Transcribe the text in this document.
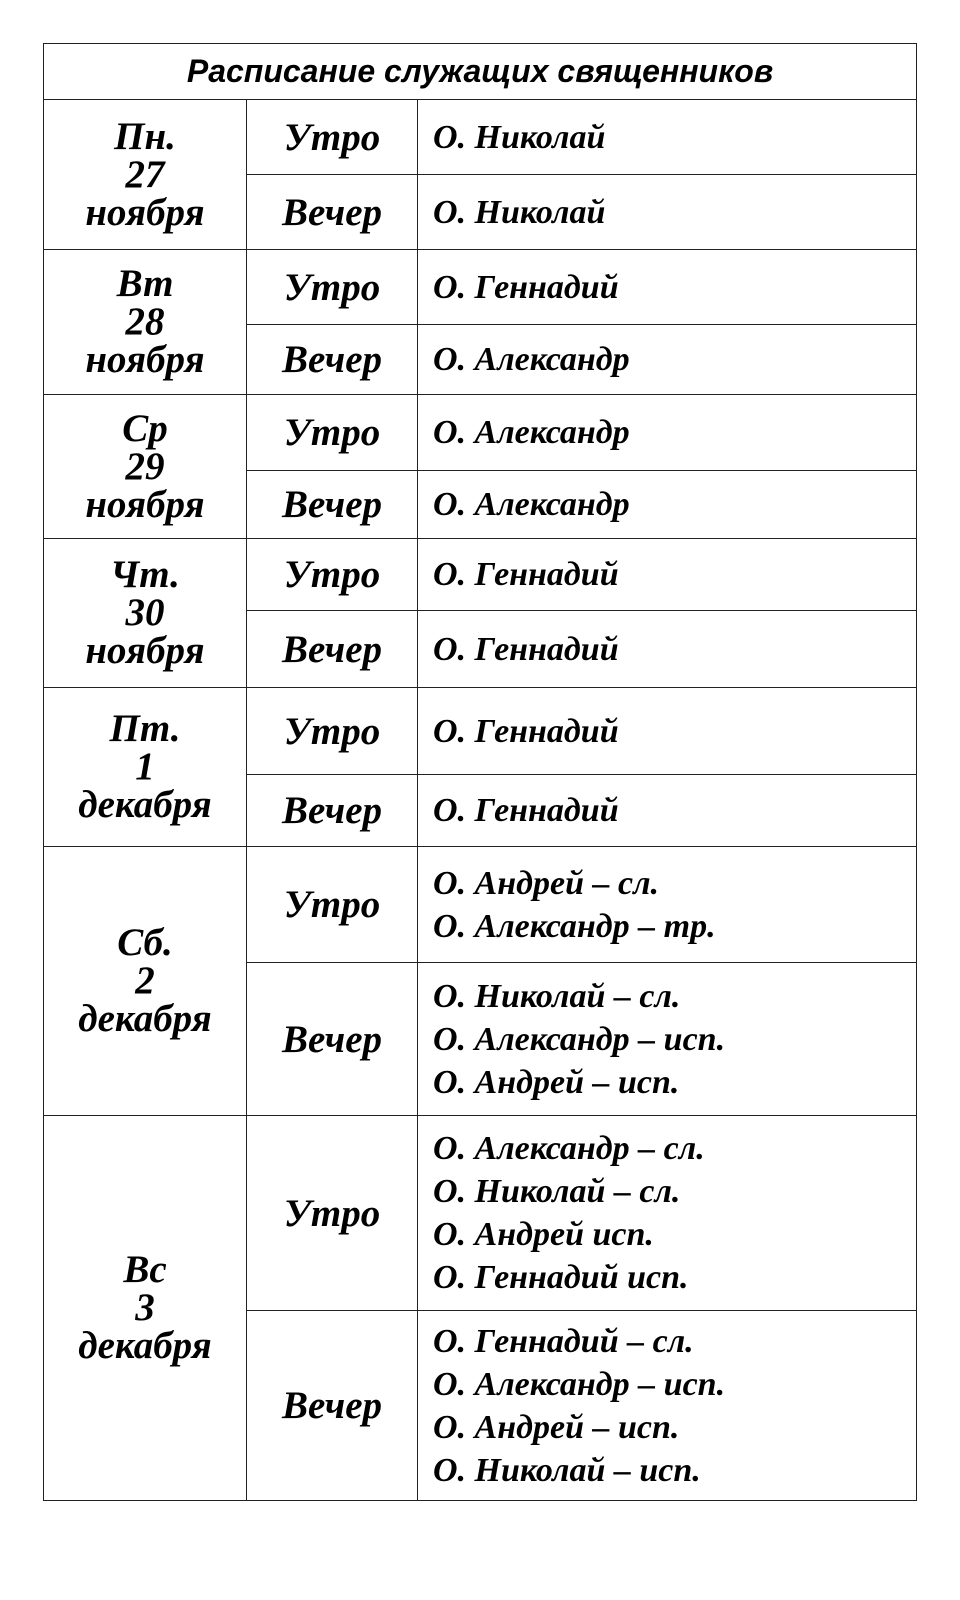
Расписание служащих священников		

Пн.
27
ноября	Утро	О. Николай

	Вечер	О. Николай

Вт
28
ноября	Утро	О. Геннадий

	Вечер	О. Александр

Ср
29
ноября	Утро	О. Александр

	Вечер	О. Александр

Чт.
30
ноября	Утро	О. Геннадий

	Вечер	О. Геннадий

Пт.
1
декабря	Утро	О. Геннадий

	Вечер	О. Геннадий

Сб.
2
декабря	Утро	О. Андрей – сл.
О. Александр – тр.

	Вечер	О. Николай – сл.
О. Александр – исп.
О. Андрей – исп.

Вс
3
декабря	Утро	О. Александр – сл.
О. Николай – сл.
О. Андрей исп.
О. Геннадий исп.

	Вечер	О. Геннадий – сл.
О. Александр – исп.
О. Андрей – исп.
О. Николай – исп.
